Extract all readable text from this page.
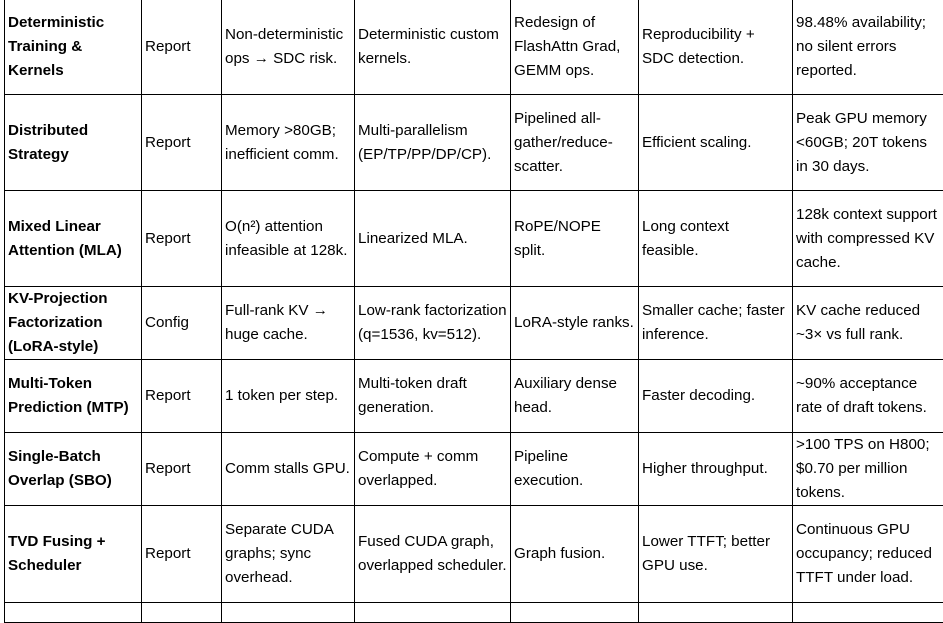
Deterministic Training & Kernels	Report	Non-deterministic ops → SDC risk.	Deterministic custom kernels.	Redesign of FlashAttn Grad, GEMM ops.	Reproducibility + SDC detection.	98.48% availability; no silent errors reported.
Distributed Strategy	Report	Memory >80GB; inefficient comm.	Multi-parallelism (EP/TP/PP/DP/CP).	Pipelined all-gather/reduce-scatter.	Efficient scaling.	Peak GPU memory <60GB; 20T tokens in 30 days.
Mixed Linear Attention (MLA)	Report	O(n²) attention infeasible at 128k.	Linearized MLA.	RoPE/NOPE split.	Long context feasible.	128k context support with compressed KV cache.
KV-Projection Factorization (LoRA-style)	Config	Full-rank KV → huge cache.	Low-rank factorization (q=1536, kv=512).	LoRA-style ranks.	Smaller cache; faster inference.	KV cache reduced ~3× vs full rank.
Multi-Token Prediction (MTP)	Report	1 token per step.	Multi-token draft generation.	Auxiliary dense head.	Faster decoding.	~90% acceptance rate of draft tokens.
Single-Batch Overlap (SBO)	Report	Comm stalls GPU.	Compute + comm overlapped.	Pipeline execution.	Higher throughput.	>100 TPS on H800; $0.70 per million tokens.
TVD Fusing + Scheduler	Report	Separate CUDA graphs; sync overhead.	Fused CUDA graph, overlapped scheduler.	Graph fusion.	Lower TTFT; better GPU use.	Continuous GPU occupancy; reduced TTFT under load.
